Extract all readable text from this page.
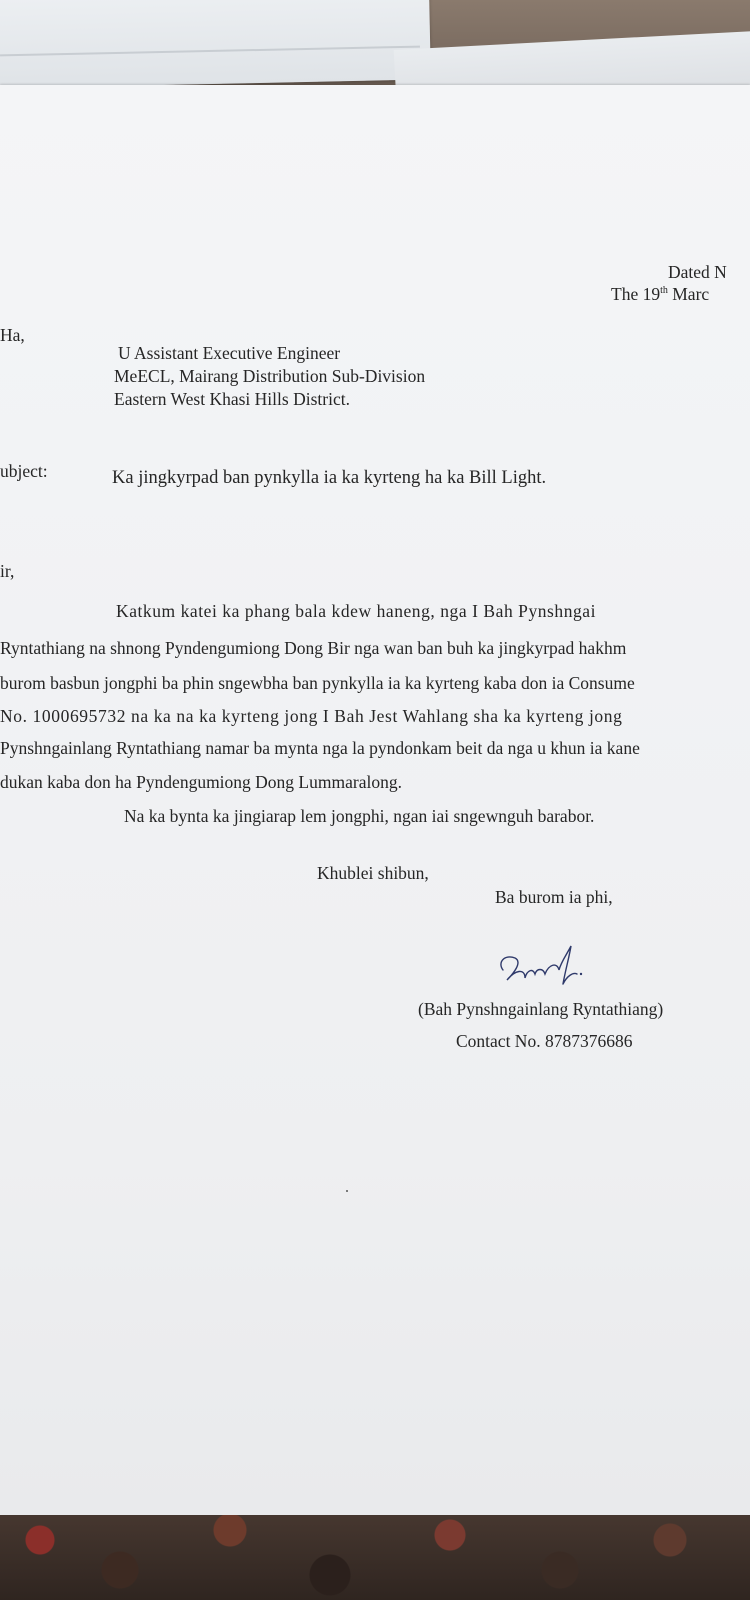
Dated N
The 19th Marc
Ha,
U Assistant Executive Engineer
MeECL, Mairang Distribution Sub-Division
Eastern West Khasi Hills District.
ubject:	Ka jingkyrpad ban pynkylla ia ka kyrteng ha ka Bill Light.
ir,
Katkum katei ka phang bala kdew haneng, nga I Bah Pynshngai
Ryntathiang na shnong Pyndengumiong Dong Bir nga wan ban buh ka jingkyrpad hakhm
burom basbun jongphi ba phin sngewbha ban pynkylla ia ka kyrteng kaba don ia Consume
No. 1000695732 na ka na ka kyrteng jong I Bah Jest Wahlang sha ka kyrteng jong
Pynshngainlang Ryntathiang namar ba mynta nga la pyndonkam beit da nga u khun ia kane
dukan kaba don ha Pyndengumiong Dong Lummaralong.
Na ka bynta ka jingiarap lem jongphi, ngan iai sngewnguh barabor.
Khublei shibun,
Ba burom ia phi,
(Bah Pynshngainlang Ryntathiang)
Contact No. 8787376686
